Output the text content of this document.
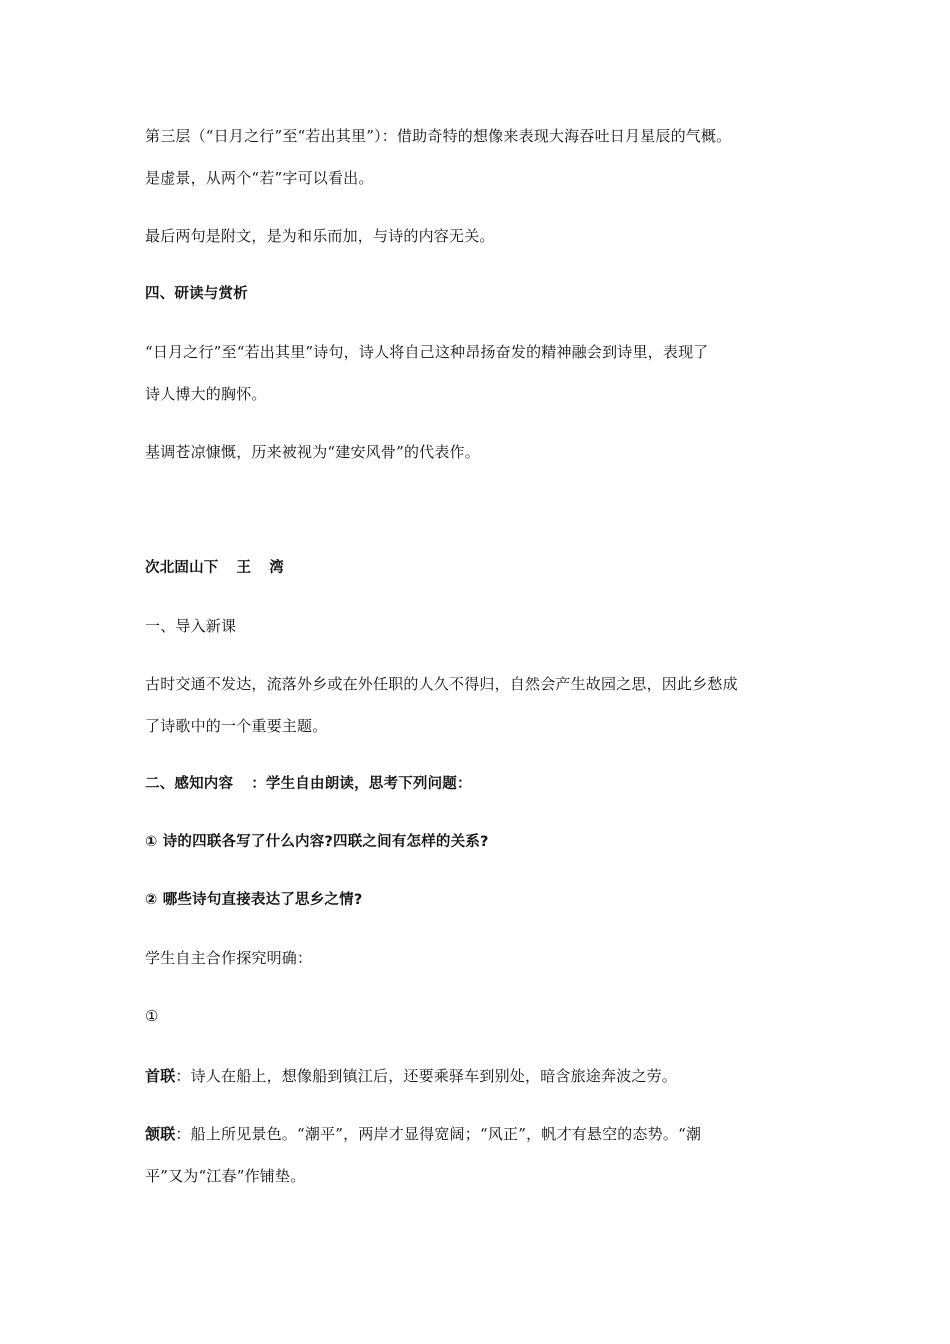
第三层（“日月之行”至“若出其里”）：借助奇特的想像来表现大海吞吐日月星辰的气概。
是虚景，从两个“若”字可以看出。
最后两句是附文，是为和乐而加，与诗的内容无关。
四、研读与赏析
“日月之行”至“若出其里”诗句，诗人将自己这种昂扬奋发的精神融会到诗里，表现了
诗人博大的胸怀。
基调苍凉慷慨，历来被视为“建安风骨”的代表作。
次北固山下 王 湾
一、导入新课
古时交通不发达，流落外乡或在外任职的人久不得归，自然会产生故园之思，因此乡愁成
了诗歌中的一个重要主题。
二、感知内容 ：学生自由朗读，思考下列问题：
① 诗的四联各写了什么内容?四联之间有怎样的关系?
② 哪些诗句直接表达了思乡之情?
学生自主合作探究明确：
①
首联：诗人在船上，想像船到镇江后，还要乘驿车到别处，暗含旅途奔波之劳。
颔联：船上所见景色。“潮平”，两岸才显得宽阔；“风正”，帆才有悬空的态势。“潮
平”又为“江春”作铺垫。
